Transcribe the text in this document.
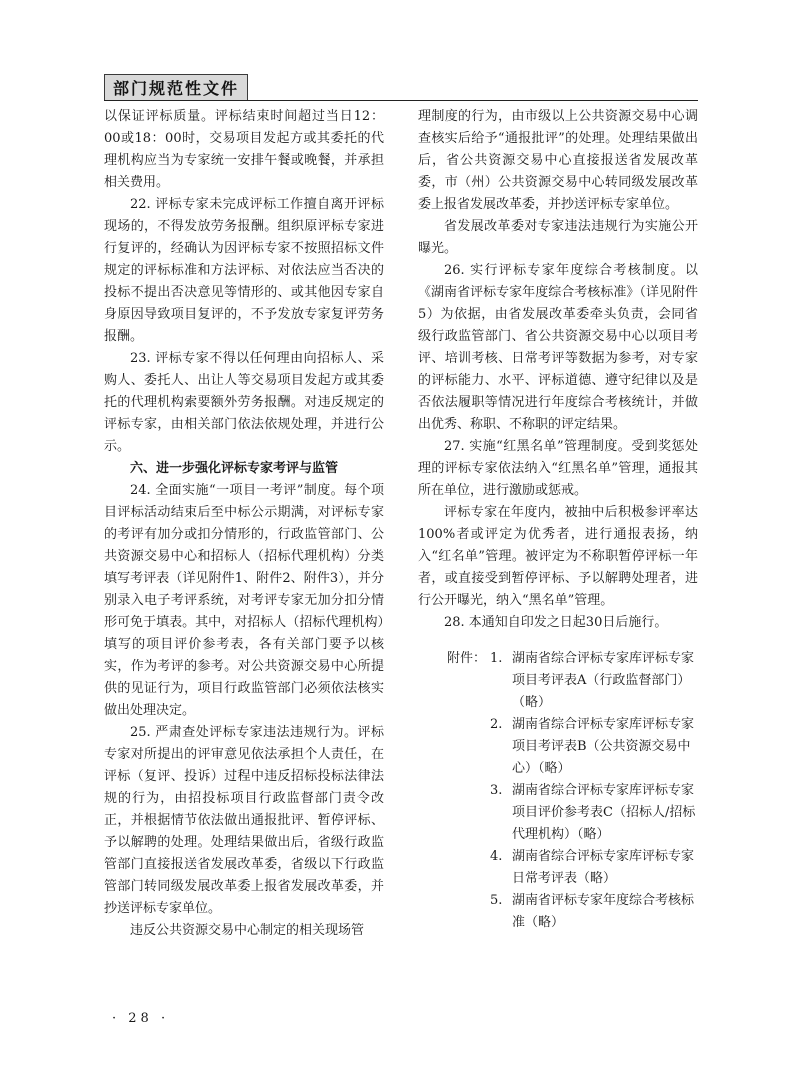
部门规范性文件

以保证评标质量。评标结束时间超过当日12：00或18：00时，交易项目发起方或其委托的代理机构应当为专家统一安排午餐或晚餐，并承担相关费用。

22. 评标专家未完成评标工作擅自离开评标现场的，不得发放劳务报酬。组织原评标专家进行复评的，经确认为因评标专家不按照招标文件规定的评标标准和方法评标、对依法应当否决的投标不提出否决意见等情形的、或其他因专家自身原因导致项目复评的，不予发放专家复评劳务报酬。

23. 评标专家不得以任何理由向招标人、采购人、委托人、出让人等交易项目发起方或其委托的代理机构索要额外劳务报酬。对违反规定的评标专家，由相关部门依法依规处理，并进行公示。

六、进一步强化评标专家考评与监管

24. 全面实施“一项目一考评”制度。每个项目评标活动结束后至中标公示期满，对评标专家的考评有加分或扣分情形的，行政监管部门、公共资源交易中心和招标人（招标代理机构）分类填写考评表（详见附件1、附件2、附件3），并分别录入电子考评系统，对考评专家无加分扣分情形可免于填表。其中，对招标人（招标代理机构）填写的项目评价参考表，各有关部门要予以核实，作为考评的参考。对公共资源交易中心所提供的见证行为，项目行政监管部门必须依法核实做出处理决定。

25. 严肃查处评标专家违法违规行为。评标专家对所提出的评审意见依法承担个人责任，在评标（复评、投诉）过程中违反招标投标法律法规的行为，由招投标项目行政监督部门责令改正，并根据情节依法做出通报批评、暂停评标、予以解聘的处理。处理结果做出后，省级行政监管部门直接报送省发展改革委，省级以下行政监管部门转同级发展改革委上报省发展改革委，并抄送评标专家单位。

违反公共资源交易中心制定的相关现场管

理制度的行为，由市级以上公共资源交易中心调查核实后给予“通报批评”的处理。处理结果做出后，省公共资源交易中心直接报送省发展改革委，市（州）公共资源交易中心转同级发展改革委上报省发展改革委，并抄送评标专家单位。

省发展改革委对专家违法违规行为实施公开曝光。

26. 实行评标专家年度综合考核制度。以《湖南省评标专家年度综合考核标准》（详见附件5）为依据，由省发展改革委牵头负责，会同省级行政监管部门、省公共资源交易中心以项目考评、培训考核、日常考评等数据为参考，对专家的评标能力、水平、评标道德、遵守纪律以及是否依法履职等情况进行年度综合考核统计，并做出优秀、称职、不称职的评定结果。

27. 实施“红黑名单”管理制度。受到奖惩处理的评标专家依法纳入“红黑名单”管理，通报其所在单位，进行激励或惩戒。

评标专家在年度内，被抽中后积极参评率达100%者或评定为优秀者，进行通报表扬，纳入“红名单”管理。被评定为不称职暂停评标一年者，或直接受到暂停评标、予以解聘处理者，进行公开曝光，纳入“黑名单”管理。

28. 本通知自印发之日起30日后施行。

附件： 1. 湖南省综合评标专家库评标专家项目考评表A（行政监督部门）（略）
2. 湖南省综合评标专家库评标专家项目考评表B（公共资源交易中心）（略）
3. 湖南省综合评标专家库评标专家项目评价参考表C（招标人/招标代理机构）（略）
4. 湖南省综合评标专家库评标专家日常考评表（略）
5. 湖南省评标专家年度综合考核标准（略）
· 28 ·
